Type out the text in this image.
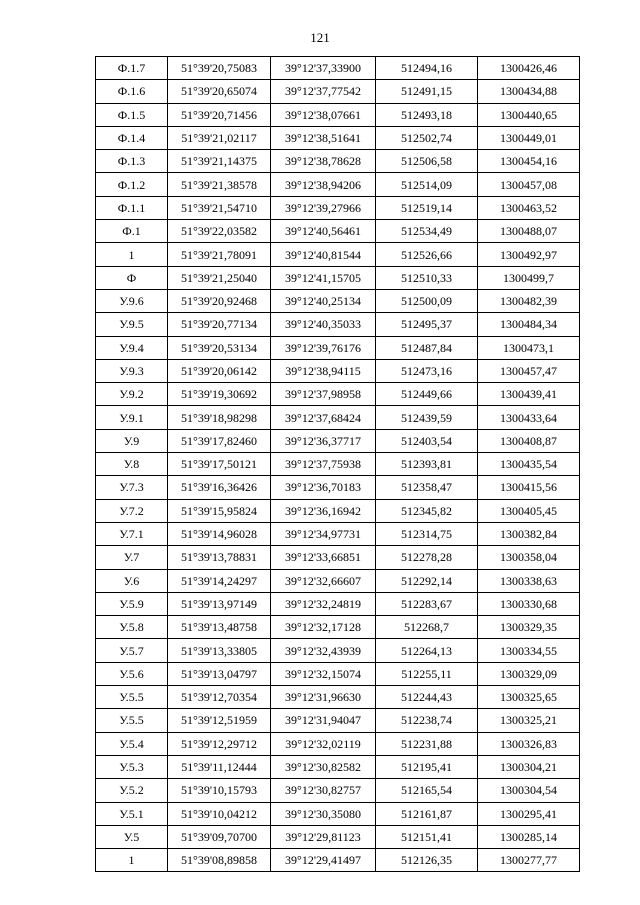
121
Ф.1.7	51°39'20,75083	39°12'37,33900	512494,16	1300426,46
Ф.1.6	51°39'20,65074	39°12'37,77542	512491,15	1300434,88
Ф.1.5	51°39'20,71456	39°12'38,07661	512493,18	1300440,65
Ф.1.4	51°39'21,02117	39°12'38,51641	512502,74	1300449,01
Ф.1.3	51°39'21,14375	39°12'38,78628	512506,58	1300454,16
Ф.1.2	51°39'21,38578	39°12'38,94206	512514,09	1300457,08
Ф.1.1	51°39'21,54710	39°12'39,27966	512519,14	1300463,52
Ф.1	51°39'22,03582	39°12'40,56461	512534,49	1300488,07
1	51°39'21,78091	39°12'40,81544	512526,66	1300492,97
Ф	51°39'21,25040	39°12'41,15705	512510,33	1300499,7
У.9.6	51°39'20,92468	39°12'40,25134	512500,09	1300482,39
У.9.5	51°39'20,77134	39°12'40,35033	512495,37	1300484,34
У.9.4	51°39'20,53134	39°12'39,76176	512487,84	1300473,1
У.9.3	51°39'20,06142	39°12'38,94115	512473,16	1300457,47
У.9.2	51°39'19,30692	39°12'37,98958	512449,66	1300439,41
У.9.1	51°39'18,98298	39°12'37,68424	512439,59	1300433,64
У.9	51°39'17,82460	39°12'36,37717	512403,54	1300408,87
У.8	51°39'17,50121	39°12'37,75938	512393,81	1300435,54
У.7.3	51°39'16,36426	39°12'36,70183	512358,47	1300415,56
У.7.2	51°39'15,95824	39°12'36,16942	512345,82	1300405,45
У.7.1	51°39'14,96028	39°12'34,97731	512314,75	1300382,84
У.7	51°39'13,78831	39°12'33,66851	512278,28	1300358,04
У.6	51°39'14,24297	39°12'32,66607	512292,14	1300338,63
У.5.9	51°39'13,97149	39°12'32,24819	512283,67	1300330,68
У.5.8	51°39'13,48758	39°12'32,17128	512268,7	1300329,35
У.5.7	51°39'13,33805	39°12'32,43939	512264,13	1300334,55
У.5.6	51°39'13,04797	39°12'32,15074	512255,11	1300329,09
У.5.5	51°39'12,70354	39°12'31,96630	512244,43	1300325,65
У.5.5	51°39'12,51959	39°12'31,94047	512238,74	1300325,21
У.5.4	51°39'12,29712	39°12'32,02119	512231,88	1300326,83
У.5.3	51°39'11,12444	39°12'30,82582	512195,41	1300304,21
У.5.2	51°39'10,15793	39°12'30,82757	512165,54	1300304,54
У.5.1	51°39'10,04212	39°12'30,35080	512161,87	1300295,41
У.5	51°39'09,70700	39°12'29,81123	512151,41	1300285,14
1	51°39'08,89858	39°12'29,41497	512126,35	1300277,77
